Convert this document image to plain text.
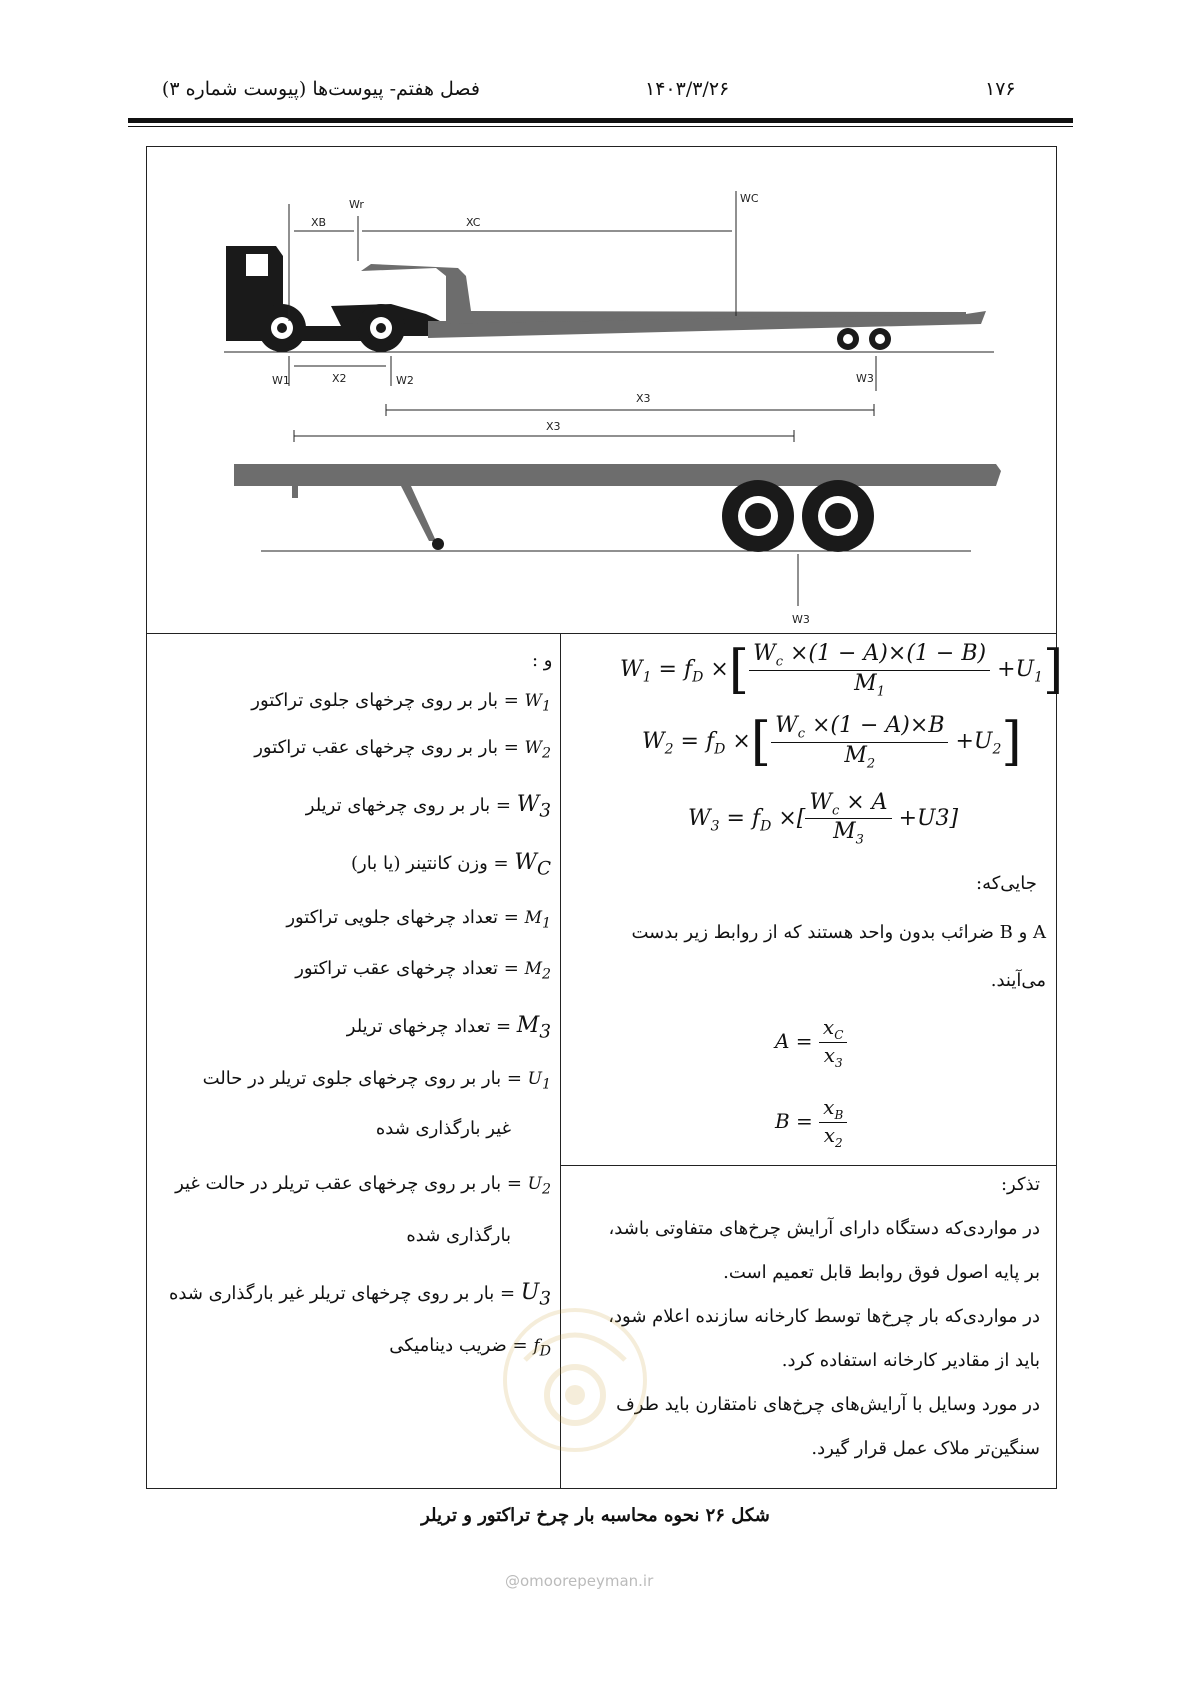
۱۷۶
۱۴۰۳/۳/۲۶
فصل هفتم- پیوست‌ها (پیوست شماره ۳)
XB
Wr
XC
WC
W1	X2	W2	W3
X3
X3
W3
و :	$W_1 = f_D$ ×[ $\frac{W_c \times(1 - A)\times(1 - B)}{M_1} +U_1$]
$W_2 = f_D$ ×[ $\frac{W_c \times(1 - A)\times B}{M_2} +U_2$]
$W_3 = f_D$ ×[ $\frac{W_c \times A}{M_3} +U3$]
جایی‌که:
A و B ضرائب بدون واحد هستند که از روابط زیر بدست
می‌آیند.
$A = \frac{x_C}{x_3}$
$B = \frac{x_B}{x_2}$
$W_1$ = بار بر روی چرخهای جلوی تراکتور
$W_2$ = بار بر روی چرخهای عقب تراکتور
$W_3$ = بار بر روی چرخهای تریلر
$W_C$ = وزن کانتینر (یا بار)
$M_1$ = تعداد چرخهای جلویی تراکتور
$M_2$ = تعداد چرخهای عقب تراکتور
$M_3$ = تعداد چرخهای تریلر
$U_1$ = بار بر روی چرخهای جلوی تریلر در حالت
غیر بارگذاری شده
$U_2$ = بار بر روی چرخهای عقب تریلر در حالت غیر
بارگذاری شده
$U_3$ = بار بر روی چرخهای تریلر غیر بارگذاری شده
$f_D$ = ضریب دینامیکی
تذکر:
در مواردی‌که دستگاه دارای آرایش چرخ‌های متفاوتی باشد،
بر پایه اصول فوق روابط قابل تعمیم است.
در مواردی‌که بار چرخ‌ها توسط کارخانه سازنده اعلام شود،
باید از مقادیر کارخانه استفاده کرد.
در مورد وسایل با آرایش‌های چرخ‌های نامتقارن باید طرف
سنگین‌تر ملاک عمل قرار گیرد.
شکل ۲۶ نحوه محاسبه بار چرخ تراکتور و تریلر
@omoorepeyman.ir
